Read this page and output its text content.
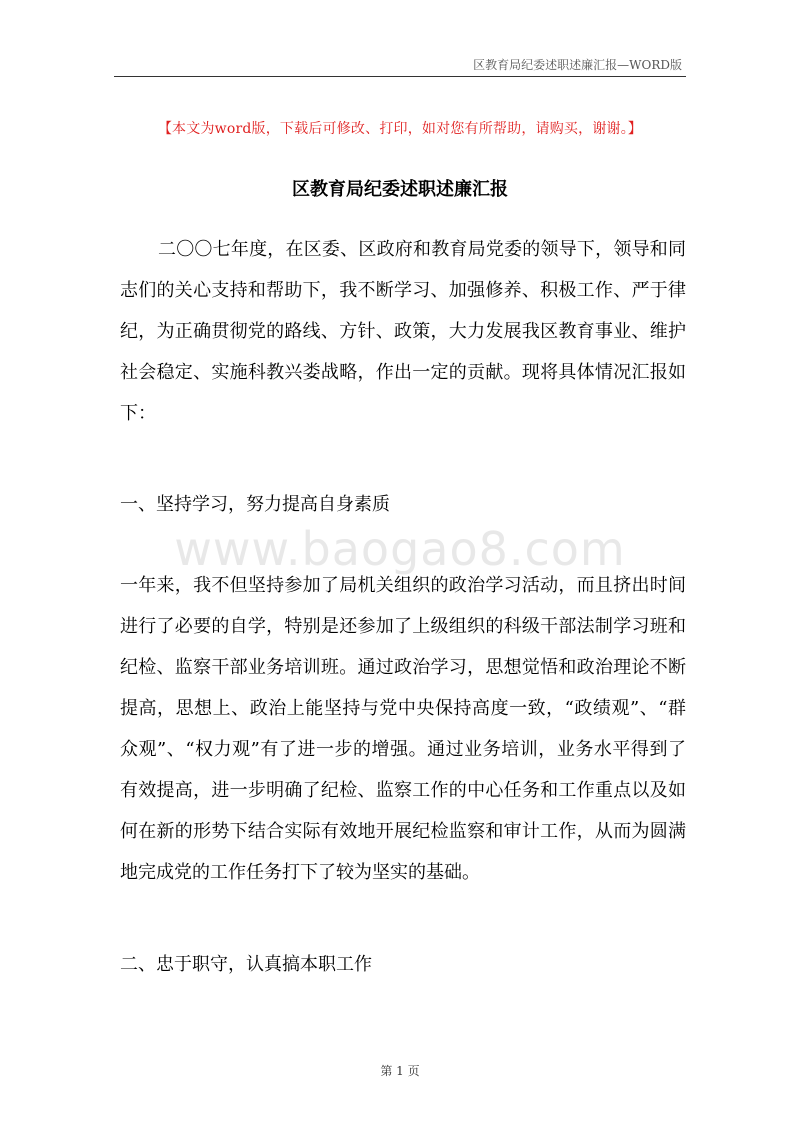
区教育局纪委述职述廉汇报—WORD版
【本文为word版，下载后可修改、打印，如对您有所帮助，请购买，谢谢。】
区教育局纪委述职述廉汇报

二〇〇七年度，在区委、区政府和教育局党委的领导下，领导和同志们的关心支持和帮助下，我不断学习、加强修养、积极工作、严于律纪，为正确贯彻党的路线、方针、政策，大力发展我区教育事业、维护社会稳定、实施科教兴娄战略，作出一定的贡献。现将具体情况汇报如下：

一、坚持学习，努力提高自身素质

www.baogao8.com

一年来，我不但坚持参加了局机关组织的政治学习活动，而且挤出时间进行了必要的自学，特别是还参加了上级组织的科级干部法制学习班和纪检、监察干部业务培训班。通过政治学习，思想觉悟和政治理论不断提高，思想上、政治上能坚持与党中央保持高度一致，“政绩观”、“群众观”、“权力观”有了进一步的增强。通过业务培训，业务水平得到了有效提高，进一步明确了纪检、监察工作的中心任务和工作重点以及如何在新的形势下结合实际有效地开展纪检监察和审计工作，从而为圆满地完成党的工作任务打下了较为坚实的基础。

二、忠于职守，认真搞本职工作

第 1 页
